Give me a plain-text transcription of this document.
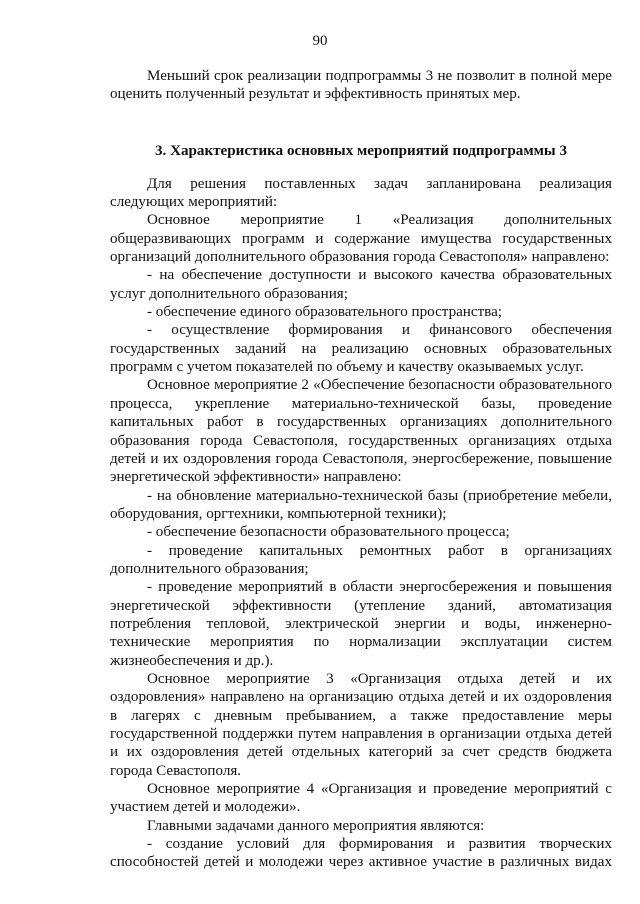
90

Меньший срок реализации подпрограммы 3 не позволит в полной мере оценить полученный результат и эффективность принятых мер.

3. Характеристика основных мероприятий подпрограммы 3

Для решения поставленных задач запланирована реализация следующих мероприятий:

Основное мероприятие 1 «Реализация дополнительных общеразвивающих программ и содержание имущества государственных организаций дополнительного образования города Севастополя» направлено:

- на обеспечение доступности и высокого качества образовательных услуг дополнительного образования;

- обеспечение единого образовательного пространства;

- осуществление формирования и финансового обеспечения государственных заданий на реализацию основных образовательных программ с учетом показателей по объему и качеству оказываемых услуг.

Основное мероприятие 2 «Обеспечение безопасности образовательного процесса, укрепление материально-технической базы, проведение капитальных работ в государственных организациях дополнительного образования города Севастополя, государственных организациях отдыха детей и их оздоровления города Севастополя, энергосбережение, повышение энергетической эффективности» направлено:

- на обновление материально-технической базы (приобретение мебели, оборудования, оргтехники, компьютерной техники);

- обеспечение безопасности образовательного процесса;

- проведение капитальных ремонтных работ в организациях дополнительного образования;

- проведение мероприятий в области энергосбережения и повышения энергетической эффективности (утепление зданий, автоматизация потребления тепловой, электрической энергии и воды, инженерно-технические мероприятия по нормализации эксплуатации систем жизнеобеспечения и др.).

Основное мероприятие 3 «Организация отдыха детей и их оздоровления» направлено на организацию отдыха детей и их оздоровления в лагерях с дневным пребыванием, а также предоставление меры государственной поддержки путем направления в организации отдыха детей и их оздоровления детей отдельных категорий за счет средств бюджета города Севастополя.

Основное мероприятие 4 «Организация и проведение мероприятий с участием детей и молодежи».

Главными задачами данного мероприятия являются:

- создание условий для формирования и развития творческих способностей детей и молодежи через активное участие в различных видах
